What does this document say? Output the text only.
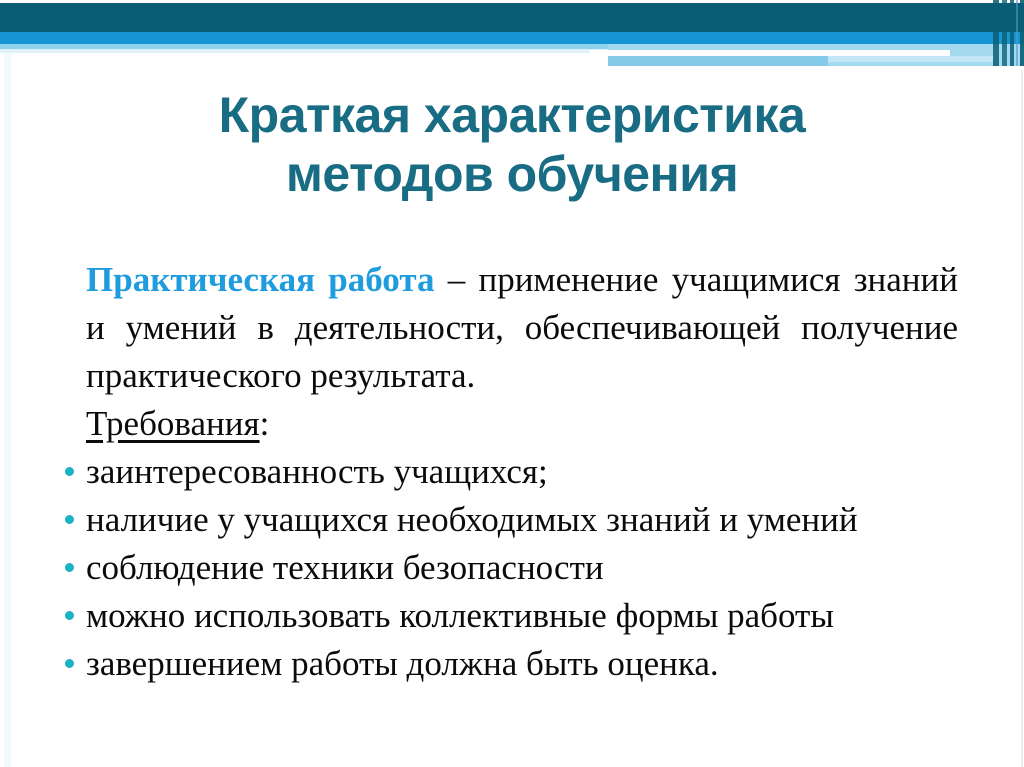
Краткая характеристика
методов обучения

Практическая работа – применение учащимися знаний и умений в деятельности, обеспечивающей получение практического результата.

Требования:

заинтересованность учащихся;
наличие у учащихся необходимых знаний и умений
соблюдение техники безопасности
можно использовать коллективные формы работы
завершением работы должна быть оценка.
